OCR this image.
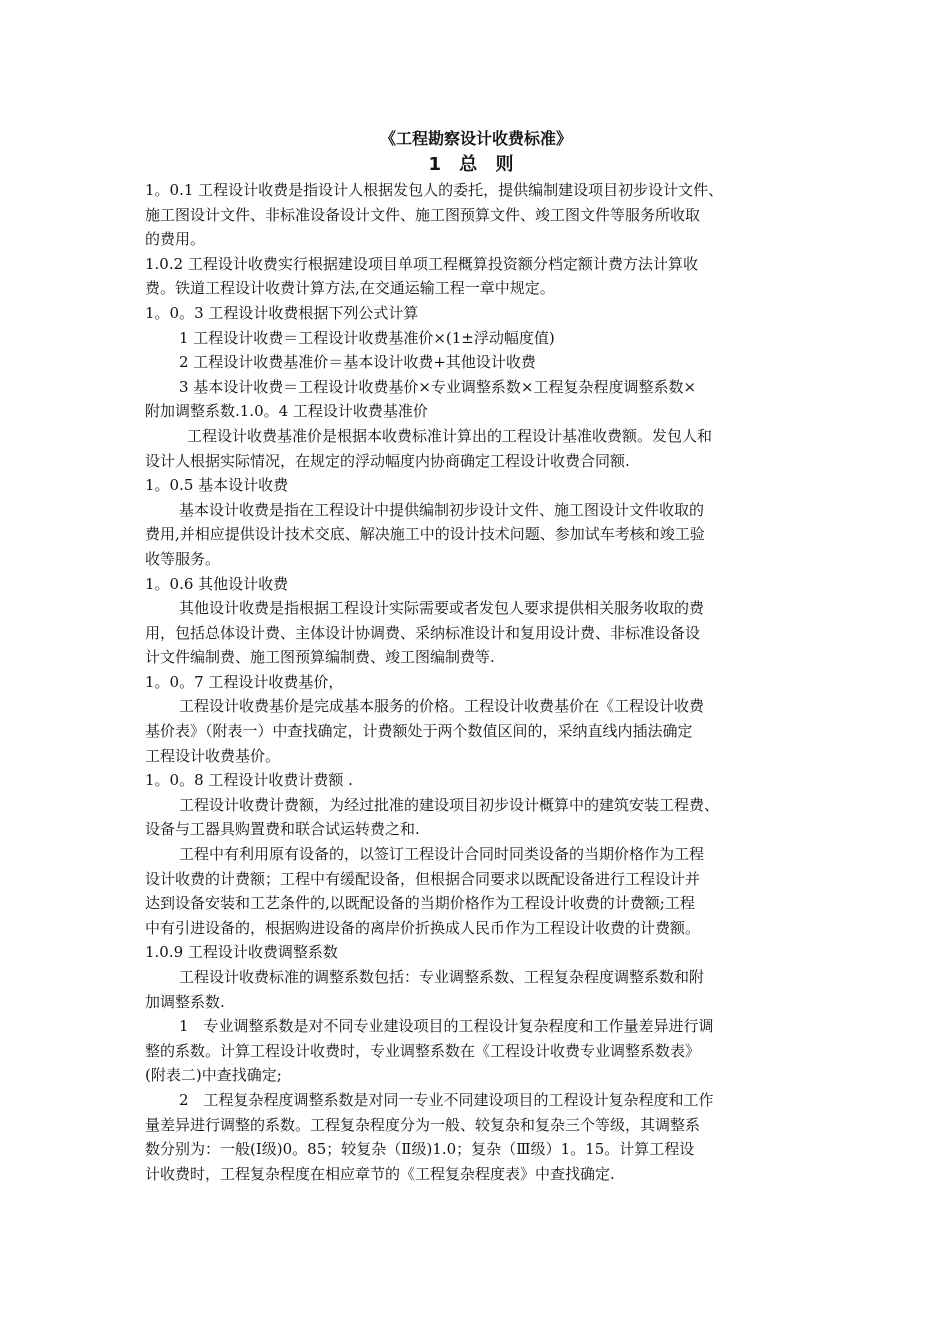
《工程勘察设计收费标准》
1 总 则
1。0.1 工程设计收费是指设计人根据发包人的委托，提供编制建设项目初步设计文件、
施工图设计文件、非标准设备设计文件、施工图预算文件、竣工图文件等服务所收取
的费用。
1.0.2 工程设计收费实行根据建设项目单项工程概算投资额分档定额计费方法计算收
费。铁道工程设计收费计算方法,在交通运输工程一章中规定。
1。0。3 工程设计收费根据下列公式计算
1 工程设计收费＝工程设计收费基准价×(1±浮动幅度值)
2 工程设计收费基准价＝基本设计收费+其他设计收费
3 基本设计收费＝工程设计收费基价×专业调整系数×工程复杂程度调整系数×
附加调整系数.1.0。4 工程设计收费基准价
工程设计收费基准价是根据本收费标准计算出的工程设计基准收费额。发包人和
设计人根据实际情况，在规定的浮动幅度内协商确定工程设计收费合同额.
1。0.5 基本设计收费
基本设计收费是指在工程设计中提供编制初步设计文件、施工图设计文件收取的
费用,并相应提供设计技术交底、解决施工中的设计技术问题、参加试车考核和竣工验
收等服务。
1。0.6 其他设计收费
其他设计收费是指根据工程设计实际需要或者发包人要求提供相关服务收取的费
用，包括总体设计费、主体设计协调费、采纳标准设计和复用设计费、非标准设备设
计文件编制费、施工图预算编制费、竣工图编制费等.
1。0。7 工程设计收费基价，
工程设计收费基价是完成基本服务的价格。工程设计收费基价在《工程设计收费
基价表》（附表一）中查找确定，计费额处于两个数值区间的，采纳直线内插法确定
工程设计收费基价。
1。0。8 工程设计收费计费额 .
工程设计收费计费额，为经过批准的建设项目初步设计概算中的建筑安装工程费、
设备与工器具购置费和联合试运转费之和.
工程中有利用原有设备的，以签订工程设计合同时同类设备的当期价格作为工程
设计收费的计费额；工程中有缓配设备，但根据合同要求以既配设备进行工程设计并
达到设备安装和工艺条件的,以既配设备的当期价格作为工程设计收费的计费额;工程
中有引进设备的，根据购进设备的离岸价折换成人民币作为工程设计收费的计费额。
1.0.9 工程设计收费调整系数
工程设计收费标准的调整系数包括：专业调整系数、工程复杂程度调整系数和附
加调整系数.
1　专业调整系数是对不同专业建设项目的工程设计复杂程度和工作量差异进行调
整的系数。计算工程设计收费时，专业调整系数在《工程设计收费专业调整系数表》
(附表二)中查找确定;
2　工程复杂程度调整系数是对同一专业不同建设项目的工程设计复杂程度和工作
量差异进行调整的系数。工程复杂程度分为一般、较复杂和复杂三个等级，其调整系
数分别为：一般(Ⅰ级)0。85；较复杂（Ⅱ级)1.0；复杂（Ⅲ级）1。15。计算工程设
计收费时，工程复杂程度在相应章节的《工程复杂程度表》中查找确定.
